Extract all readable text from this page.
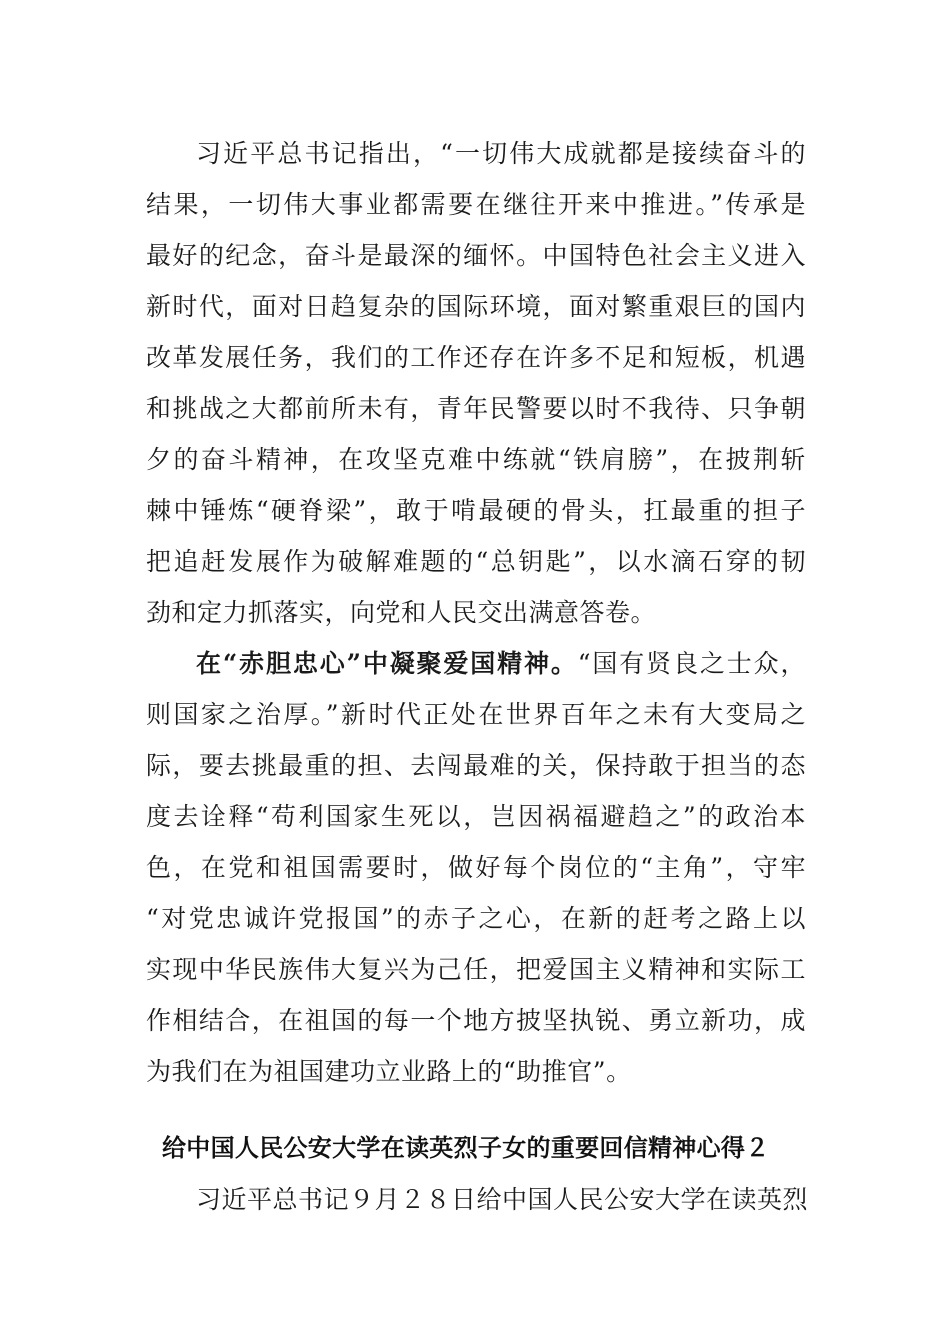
习近平总书记指出，“一切伟大成就都是接续奋斗的
结果，一切伟大事业都需要在继往开来中推进。”传承是
最好的纪念，奋斗是最深的缅怀。中国特色社会主义进入
新时代，面对日趋复杂的国际环境，面对繁重艰巨的国内
改革发展任务，我们的工作还存在许多不足和短板，机遇
和挑战之大都前所未有，青年民警要以时不我待、只争朝
夕的奋斗精神，在攻坚克难中练就“铁肩膀”，在披荆斩
棘中锤炼“硬脊梁”，敢于啃最硬的骨头，扛最重的担子
把追赶发展作为破解难题的“总钥匙”，以水滴石穿的韧
劲和定力抓落实，向党和人民交出满意答卷。
在“赤胆忠心”中凝聚爱国精神。“国有贤良之士众，
则国家之治厚。”新时代正处在世界百年之未有大变局之
际，要去挑最重的担、去闯最难的关，保持敢于担当的态
度去诠释“苟利国家生死以，岂因祸福避趋之”的政治本
色，在党和祖国需要时，做好每个岗位的“主角”，守牢
“对党忠诚许党报国”的赤子之心，在新的赶考之路上以
实现中华民族伟大复兴为己任，把爱国主义精神和实际工
作相结合，在祖国的每一个地方披坚执锐、勇立新功，成
为我们在为祖国建功立业路上的“助推官”。
给中国人民公安大学在读英烈子女的重要回信精神心得２
习近平总书记９月２８日给中国人民公安大学在读英烈
